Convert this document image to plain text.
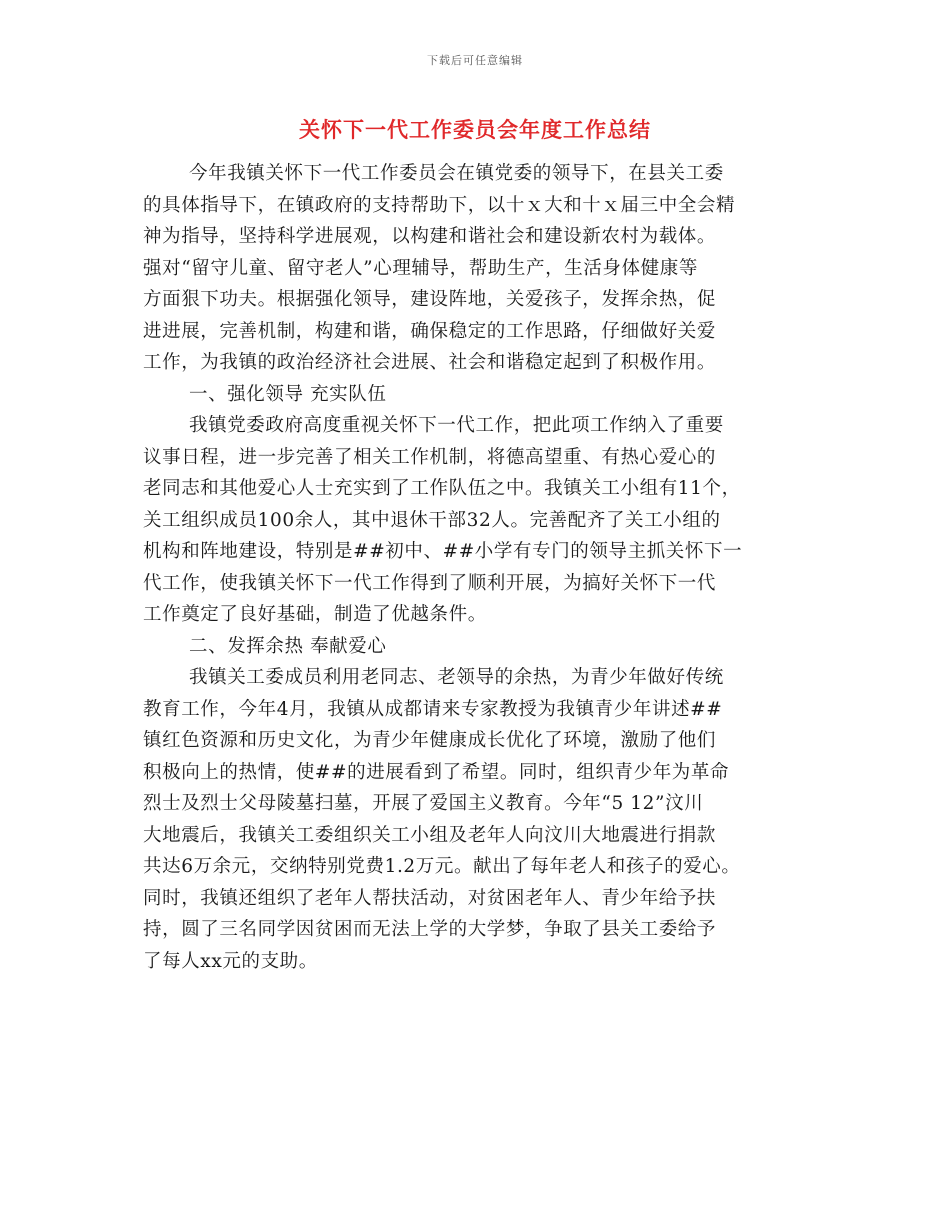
下载后可任意编辑
关怀下一代工作委员会年度工作总结
今年我镇关怀下一代工作委员会在镇党委的领导下，在县关工委
的具体指导下，在镇政府的支持帮助下，以十ｘ大和十ｘ届三中全会精
神为指导，坚持科学进展观，以构建和谐社会和建设新农村为载体。
强对“留守儿童、留守老人”心理辅导，帮助生产，生活身体健康等
方面狠下功夫。根据强化领导，建设阵地，关爱孩子，发挥余热，促
进进展，完善机制，构建和谐，确保稳定的工作思路，仔细做好关爱
工作，为我镇的政治经济社会进展、社会和谐稳定起到了积极作用。
一、强化领导 充实队伍
我镇党委政府高度重视关怀下一代工作，把此项工作纳入了重要
议事日程，进一步完善了相关工作机制，将德高望重、有热心爱心的
老同志和其他爱心人士充实到了工作队伍之中。我镇关工小组有11个，
关工组织成员100余人，其中退休干部32人。完善配齐了关工小组的
机构和阵地建设，特别是##初中、##小学有专门的领导主抓关怀下一
代工作，使我镇关怀下一代工作得到了顺利开展，为搞好关怀下一代
工作奠定了良好基础，制造了优越条件。
二、发挥余热 奉献爱心
我镇关工委成员利用老同志、老领导的余热，为青少年做好传统
教育工作，今年4月，我镇从成都请来专家教授为我镇青少年讲述##
镇红色资源和历史文化，为青少年健康成长优化了环境，激励了他们
积极向上的热情，使##的进展看到了希望。同时，组织青少年为革命
烈士及烈士父母陵墓扫墓，开展了爱国主义教育。今年“5 12”汶川
大地震后，我镇关工委组织关工小组及老年人向汶川大地震进行捐款
共达6万余元，交纳特别党费1.2万元。献出了每年老人和孩子的爱心。
同时，我镇还组织了老年人帮扶活动，对贫困老年人、青少年给予扶
持，圆了三名同学因贫困而无法上学的大学梦，争取了县关工委给予
了每人xx元的支助。
